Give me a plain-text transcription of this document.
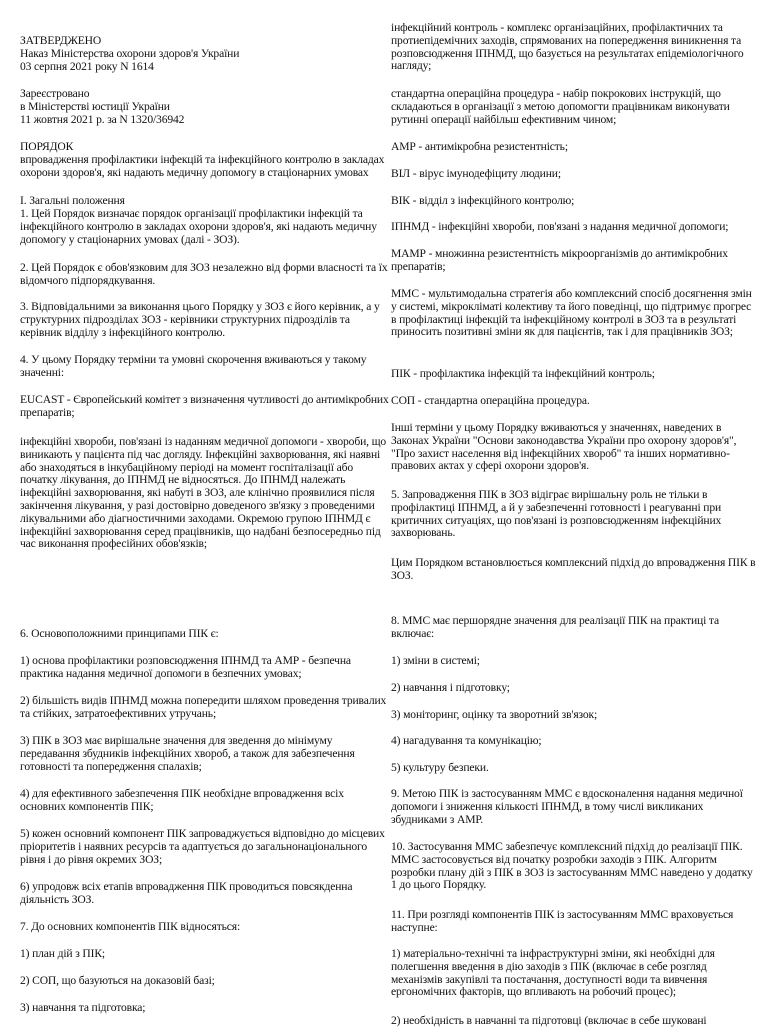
ЗАТВЕРДЖЕНО

Наказ Міністерства охорони здоров'я України

03 серпня 2021 року N 1614

Зареєстровано

в Міністерстві юстиції України

11 жовтня 2021 р. за N 1320/36942

ПОРЯДОК

впровадження профілактики інфекцій та інфекційного контролю в закладах охорони здоров'я, які надають медичну допомогу в стаціонарних умовах

I. Загальні положення

1. Цей Порядок визначає порядок організації профілактики інфекцій та інфекційного контролю в закладах охорони здоров'я, які надають медичну допомогу у стаціонарних умовах (далі - ЗОЗ).

2. Цей Порядок є обов'язковим для ЗОЗ незалежно від форми власності та їх відомчого підпорядкування.

3. Відповідальними за виконання цього Порядку у ЗОЗ є його керівник, а у структурних підрозділах ЗОЗ - керівники структурних підрозділів та керівник відділу з інфекційного контролю.

4. У цьому Порядку терміни та умовні скорочення вживаються у такому значенні:

EUCAST - Європейський комітет з визначення чутливості до антимікробних препаратів;

інфекційні хвороби, пов'язані із наданням медичної допомоги - хвороби, що виникають у пацієнта під час догляду. Інфекційні захворювання, які наявні або знаходяться в інкубаційному періоді на момент госпіталізації або початку лікування, до ІПНМД не відносяться. До ІПНМД належать інфекційні захворювання, які набуті в ЗОЗ, але клінічно проявилися після закінчення лікування, у разі достовірно доведеного зв'язку з проведеними лікувальними або діагностичними заходами. Окремою групою ІПНМД є інфекційні захворювання серед працівників, що надбані безпосередньо під час виконання професійних обов'язків;

6. Основоположними принципами ПІК є:

1) основа профілактики розповсюдження ІПНМД та АМР - безпечна практика надання медичної допомоги в безпечних умовах;

2) більшість видів ІПНМД можна попередити шляхом проведення тривалих та стійких, затратоефективних утручань;

3) ПІК в ЗОЗ має вирішальне значення для зведення до мінімуму передавання збудників інфекційних хвороб, а також для забезпечення готовності та попередження спалахів;

4) для ефективного забезпечення ПІК необхідне впровадження всіх основних компонентів ПІК;

5) кожен основний компонент ПІК запроваджується відповідно до місцевих пріоритетів і наявних ресурсів та адаптується до загальнонаціонального рівня і до рівня окремих ЗОЗ;

6) упродовж всіх етапів впровадження ПІК проводиться повсякденна діяльність ЗОЗ.

7. До основних компонентів ПІК відносяться:

1) план дій з ПІК;

2) СОП, що базуються на доказовій базі;

3) навчання та підготовка;

інфекційний контроль - комплекс організаційних, профілактичних та протиепідемічних заходів, спрямованих на попередження виникнення та розповсюдження ІПНМД, що базується на результатах епідеміологічного нагляду;

стандартна операційна процедура - набір покрокових інструкцій, що складаються в організації з метою допомогти працівникам виконувати рутинні операції найбільш ефективним чином;

АМР - антимікробна резистентність;

ВІЛ - вірус імунодефіциту людини;

ВІК - відділ з інфекційного контролю;

ІПНМД - інфекційні хвороби, пов'язані з надання медичної допомоги;

МАМР - множинна резистентність мікроорганізмів до антимікробних препаратів;

ММС - мультимодальна стратегія або комплексний спосіб досягнення змін у системі, мікрокліматі колективу та його поведінці, що підтримує прогрес в профілактиці інфекцій та інфекційному контролі в ЗОЗ та в результаті приносить позитивні зміни як для пацієнтів, так і для працівників ЗОЗ;

ПІК - профілактика інфекцій та інфекційний контроль;

СОП - стандартна операційна процедура.

Інші терміни у цьому Порядку вживаються у значеннях, наведених в Законах України "Основи законодавства України про охорону здоров'я", "Про захист населення від інфекційних хвороб" та інших нормативно-правових актах у сфері охорони здоров'я.

5. Запровадження ПІК в ЗОЗ відіграє вирішальну роль не тільки в профілактиці ІПНМД, а й у забезпеченні готовності і реагуванні при критичних ситуаціях, що пов'язані із розповсюдженням інфекційних захворювань.

Цим Порядком встановлюється комплексний підхід до впровадження ПІК в ЗОЗ.

8. ММС має першорядне значення для реалізації ПІК на практиці та включає:

1) зміни в системі;

2) навчання і підготовку;

3) моніторинг, оцінку та зворотний зв'язок;

4) нагадування та комунікацію;

5) культуру безпеки.

9. Метою ПІК із застосуванням ММС є вдосконалення надання медичної допомоги і зниження кількості ІПНМД, в тому числі викликаних збудниками з АМР.

10. Застосування ММС забезпечує комплексний підхід до реалізації ПІК. ММС застосовується від початку розробки заходів з ПІК. Алгоритм розробки плану дій з ПІК в ЗОЗ із застосуванням ММС наведено у додатку 1 до цього Порядку.

11. При розгляді компонентів ПІК із застосуванням ММС враховується наступне:

1) матеріально-технічні та інфраструктурні зміни, які необхідні для полегшення введення в дію заходів з ПІК (включає в себе розгляд механізмів закупівлі та постачання, доступності води та вивчення ергономічних факторів, що впливають на робочий процес);

2) необхідність в навчанні та підготовці (включає в себе шуковані
